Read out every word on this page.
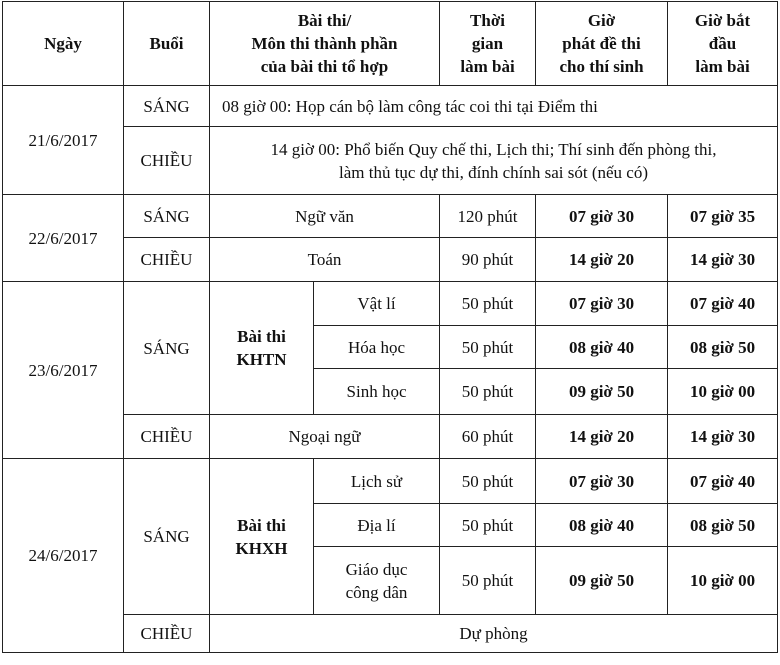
Ngày	Buổi	Bài thi/
Môn thi thành phần
của bài thi tổ hợp		Thời
gian
làm bài	Giờ
phát đề thi
cho thí sinh	Giờ bắt
đầu
làm bài

21/6/2017	SÁNG	08 giờ 00: Họp cán bộ làm công tác coi thi tại Điểm thi				
	CHIỀU	14 giờ 00: Phổ biến Quy chế thi, Lịch thi; Thí sinh đến phòng thi,
làm thủ tục dự thi, đính chính sai sót (nếu có)				

22/6/2017	SÁNG	Ngữ văn		120 phút	07 giờ 30	07 giờ 35
	CHIỀU	Toán		90 phút	14 giờ 20	14 giờ 30
23/6/2017	SÁNG	Bài thi
KHTN	Vật lí	50 phút	07 giờ 30	07 giờ 40
			Hóa học	50 phút	08 giờ 40	08 giờ 50
			Sinh học	50 phút	09 giờ 50	10 giờ 00
	CHIỀU	Ngoại ngữ		60 phút	14 giờ 20	14 giờ 30
24/6/2017	SÁNG	Bài thi
KHXH	Lịch sử	50 phút	07 giờ 30	07 giờ 40
			Địa lí	50 phút	08 giờ 40	08 giờ 50

			Giáo dục
công dân	50 phút	09 giờ 50	10 giờ 00
	CHIỀU	Dự phòng				
